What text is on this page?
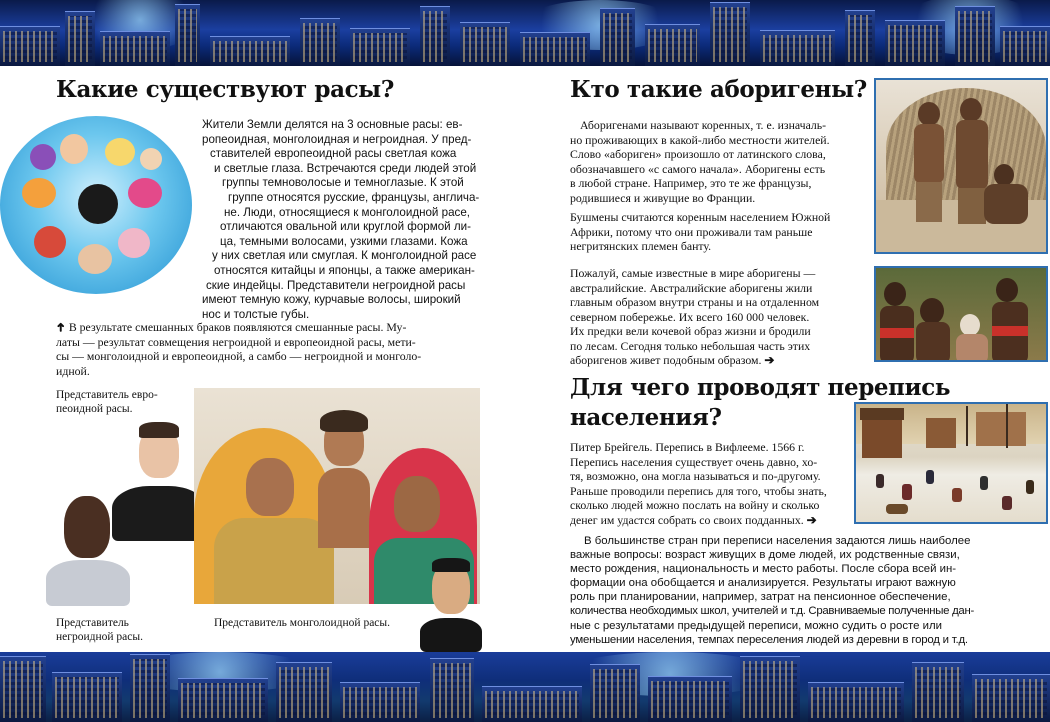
Какие существуют расы?
Жители Земли делятся на 3 основные расы: ев-
ропеоидная, монголоидная и негроидная. У пред-
ставителей европеоидной расы светлая кожа
и светлые глаза. Встречаются среди людей этой
группы темноволосые и темноглазые. К этой
группе относятся русские, французы, англича-
не. Люди, относящиеся к монголоидной расе,
отличаются овальной или круглой формой ли-
ца, темными волосами, узкими глазами. Кожа
у них светлая или смуглая. К монголоидной расе
относятся китайцы и японцы, а также американ-
ские индейцы. Представители негроидной расы
имеют темную кожу, курчавые волосы, широкий
нос и толстые губы.
➜ В результате смешанных браков появляются смешанные расы. Му-
латы — результат совмещения негроидной и европеоидной расы, мети-
сы — монголоидной и европеоидной, а самбо — негроидной и монголо-
идной.
Представитель евро-
пеоидной расы.
Представитель
негроидной расы.
Представитель монголоидной расы.
Кто такие аборигены?
Аборигенами называют коренных, т. е. изначаль-
но проживающих в какой-либо местности жителей.
Слово «абориген» произошло от латинского слова,
обозначавшего «с самого начала». Аборигены есть
в любой стране. Например, это те же французы,
родившиеся и живущие во Франции.
Бушмены считаются коренным населением Южной
Африки, потому что они проживали там раньше
негритянских племен банту.
Пожалуй, самые известные в мире аборигены —
австралийские. Австралийские аборигены жили
главным образом внутри страны и на отдаленном
северном побережье. Их всего 160 000 человек.
Их предки вели кочевой образ жизни и бродили
по лесам. Сегодня только небольшая часть этих
аборигенов живет подобным образом. ➔
Для чего проводят перепись
населения?
Питер Брейгель. Перепись в Вифлееме. 1566 г.
Перепись населения существует очень давно, хо-
тя, возможно, она могла называться и по-другому.
Раньше проводили перепись для того, чтобы знать,
сколько людей можно послать на войну и сколько
денег им удастся собрать со своих подданных. ➔
В большинстве стран при переписи населения задаются лишь наиболее
важные вопросы: возраст живущих в доме людей, их родственные связи,
место рождения, национальность и место работы. После сбора всей ин-
формации она обобщается и анализируется. Результаты играют важную
роль при планировании, например, затрат на пенсионное обеспечение,
количества необходимых школ, учителей и т.д. Сравниваемые полученные дан-
ные с результатами предыдущей переписи, можно судить о росте или
уменьшении населения, темпах переселения людей из деревни в город и т.д.
